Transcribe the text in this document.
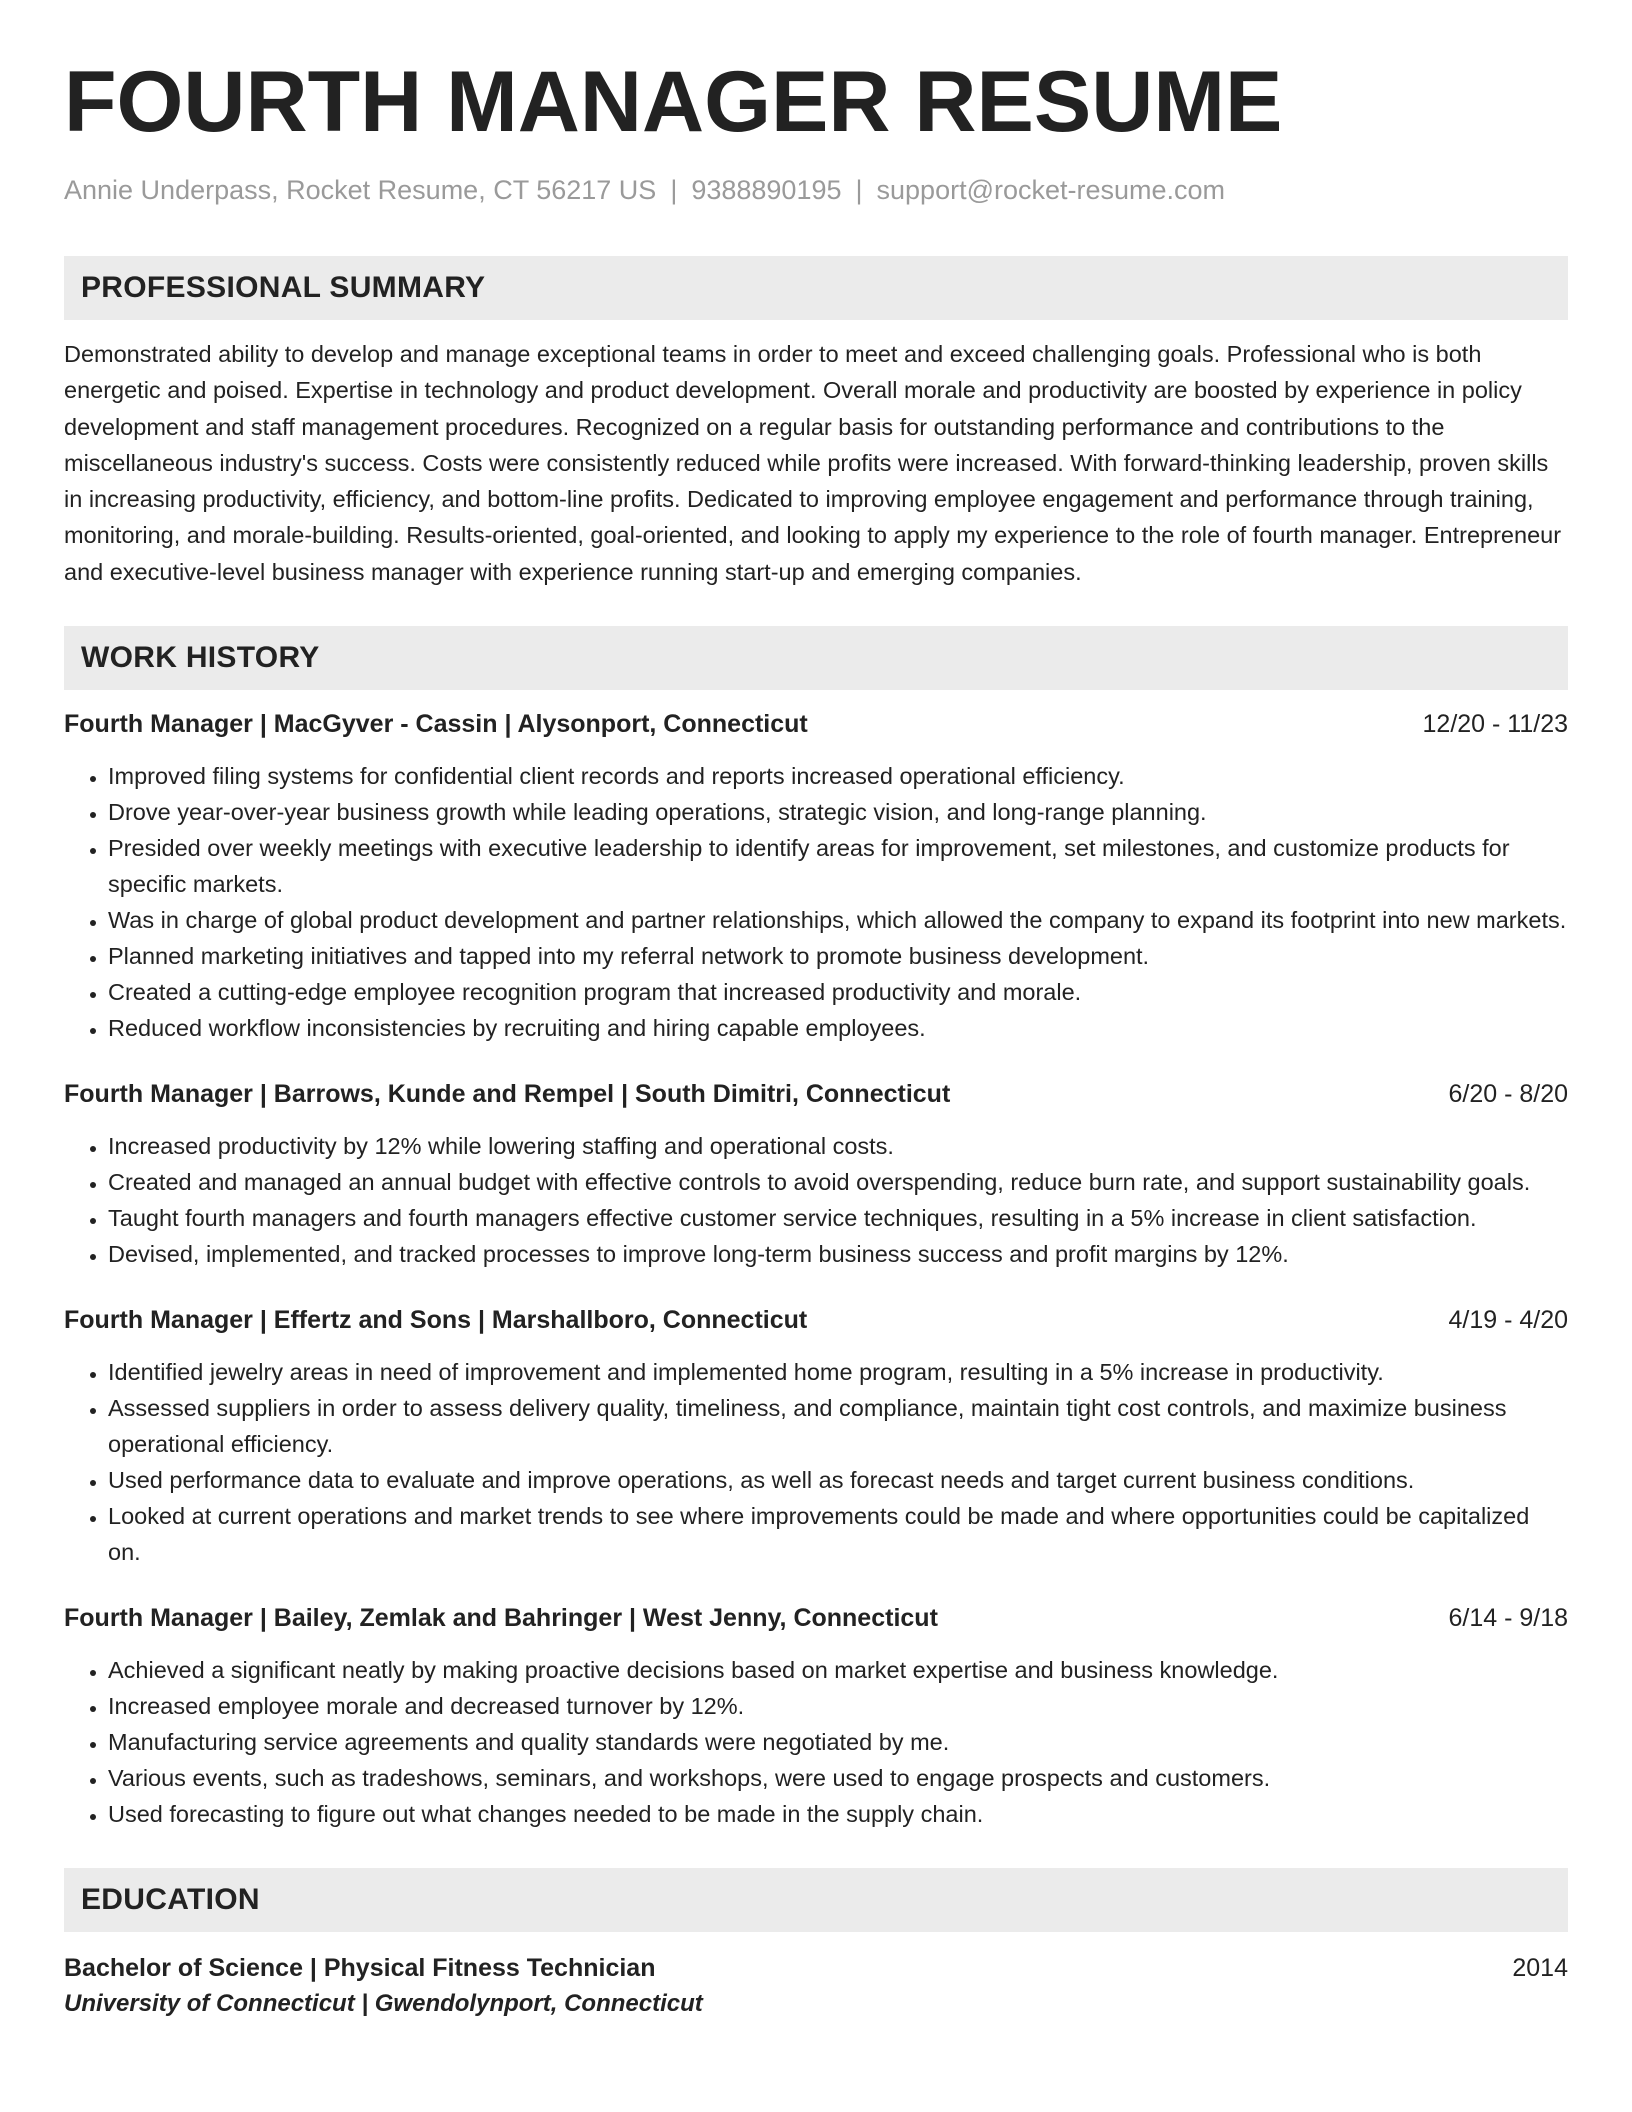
FOURTH MANAGER RESUME
Annie Underpass, Rocket Resume, CT 56217 US | 9388890195 | support@rocket-resume.com
PROFESSIONAL SUMMARY

Demonstrated ability to develop and manage exceptional teams in order to meet and exceed challenging goals. Professional who is both energetic and poised. Expertise in technology and product development. Overall morale and productivity are boosted by experience in policy development and staff management procedures. Recognized on a regular basis for outstanding performance and contributions to the miscellaneous industry's success. Costs were consistently reduced while profits were increased. With forward-thinking leadership, proven skills in increasing productivity, efficiency, and bottom-line profits. Dedicated to improving employee engagement and performance through training, monitoring, and morale-building. Results-oriented, goal-oriented, and looking to apply my experience to the role of fourth manager. Entrepreneur and executive-level business manager with experience running start-up and emerging companies.

WORK HISTORY
Fourth Manager | MacGyver - Cassin | Alysonport, Connecticut	12/20 - 11/23
• Improved filing systems for confidential client records and reports increased operational efficiency.
• Drove year-over-year business growth while leading operations, strategic vision, and long-range planning.
• Presided over weekly meetings with executive leadership to identify areas for improvement, set milestones, and customize products for specific markets.
• Was in charge of global product development and partner relationships, which allowed the company to expand its footprint into new markets.
• Planned marketing initiatives and tapped into my referral network to promote business development.
• Created a cutting-edge employee recognition program that increased productivity and morale.
• Reduced workflow inconsistencies by recruiting and hiring capable employees.
Fourth Manager | Barrows, Kunde and Rempel | South Dimitri, Connecticut	6/20 - 8/20
• Increased productivity by 12% while lowering staffing and operational costs.
• Created and managed an annual budget with effective controls to avoid overspending, reduce burn rate, and support sustainability goals.
• Taught fourth managers and fourth managers effective customer service techniques, resulting in a 5% increase in client satisfaction.
• Devised, implemented, and tracked processes to improve long-term business success and profit margins by 12%.
Fourth Manager | Effertz and Sons | Marshallboro, Connecticut	4/19 - 4/20
• Identified jewelry areas in need of improvement and implemented home program, resulting in a 5% increase in productivity.
• Assessed suppliers in order to assess delivery quality, timeliness, and compliance, maintain tight cost controls, and maximize business operational efficiency.
• Used performance data to evaluate and improve operations, as well as forecast needs and target current business conditions.
• Looked at current operations and market trends to see where improvements could be made and where opportunities could be capitalized on.
Fourth Manager | Bailey, Zemlak and Bahringer | West Jenny, Connecticut	6/14 - 9/18
• Achieved a significant neatly by making proactive decisions based on market expertise and business knowledge.
• Increased employee morale and decreased turnover by 12%.
• Manufacturing service agreements and quality standards were negotiated by me.
• Various events, such as tradeshows, seminars, and workshops, were used to engage prospects and customers.
• Used forecasting to figure out what changes needed to be made in the supply chain.
EDUCATION
Bachelor of Science | Physical Fitness Technician	2014
University of Connecticut | Gwendolynport, Connecticut
